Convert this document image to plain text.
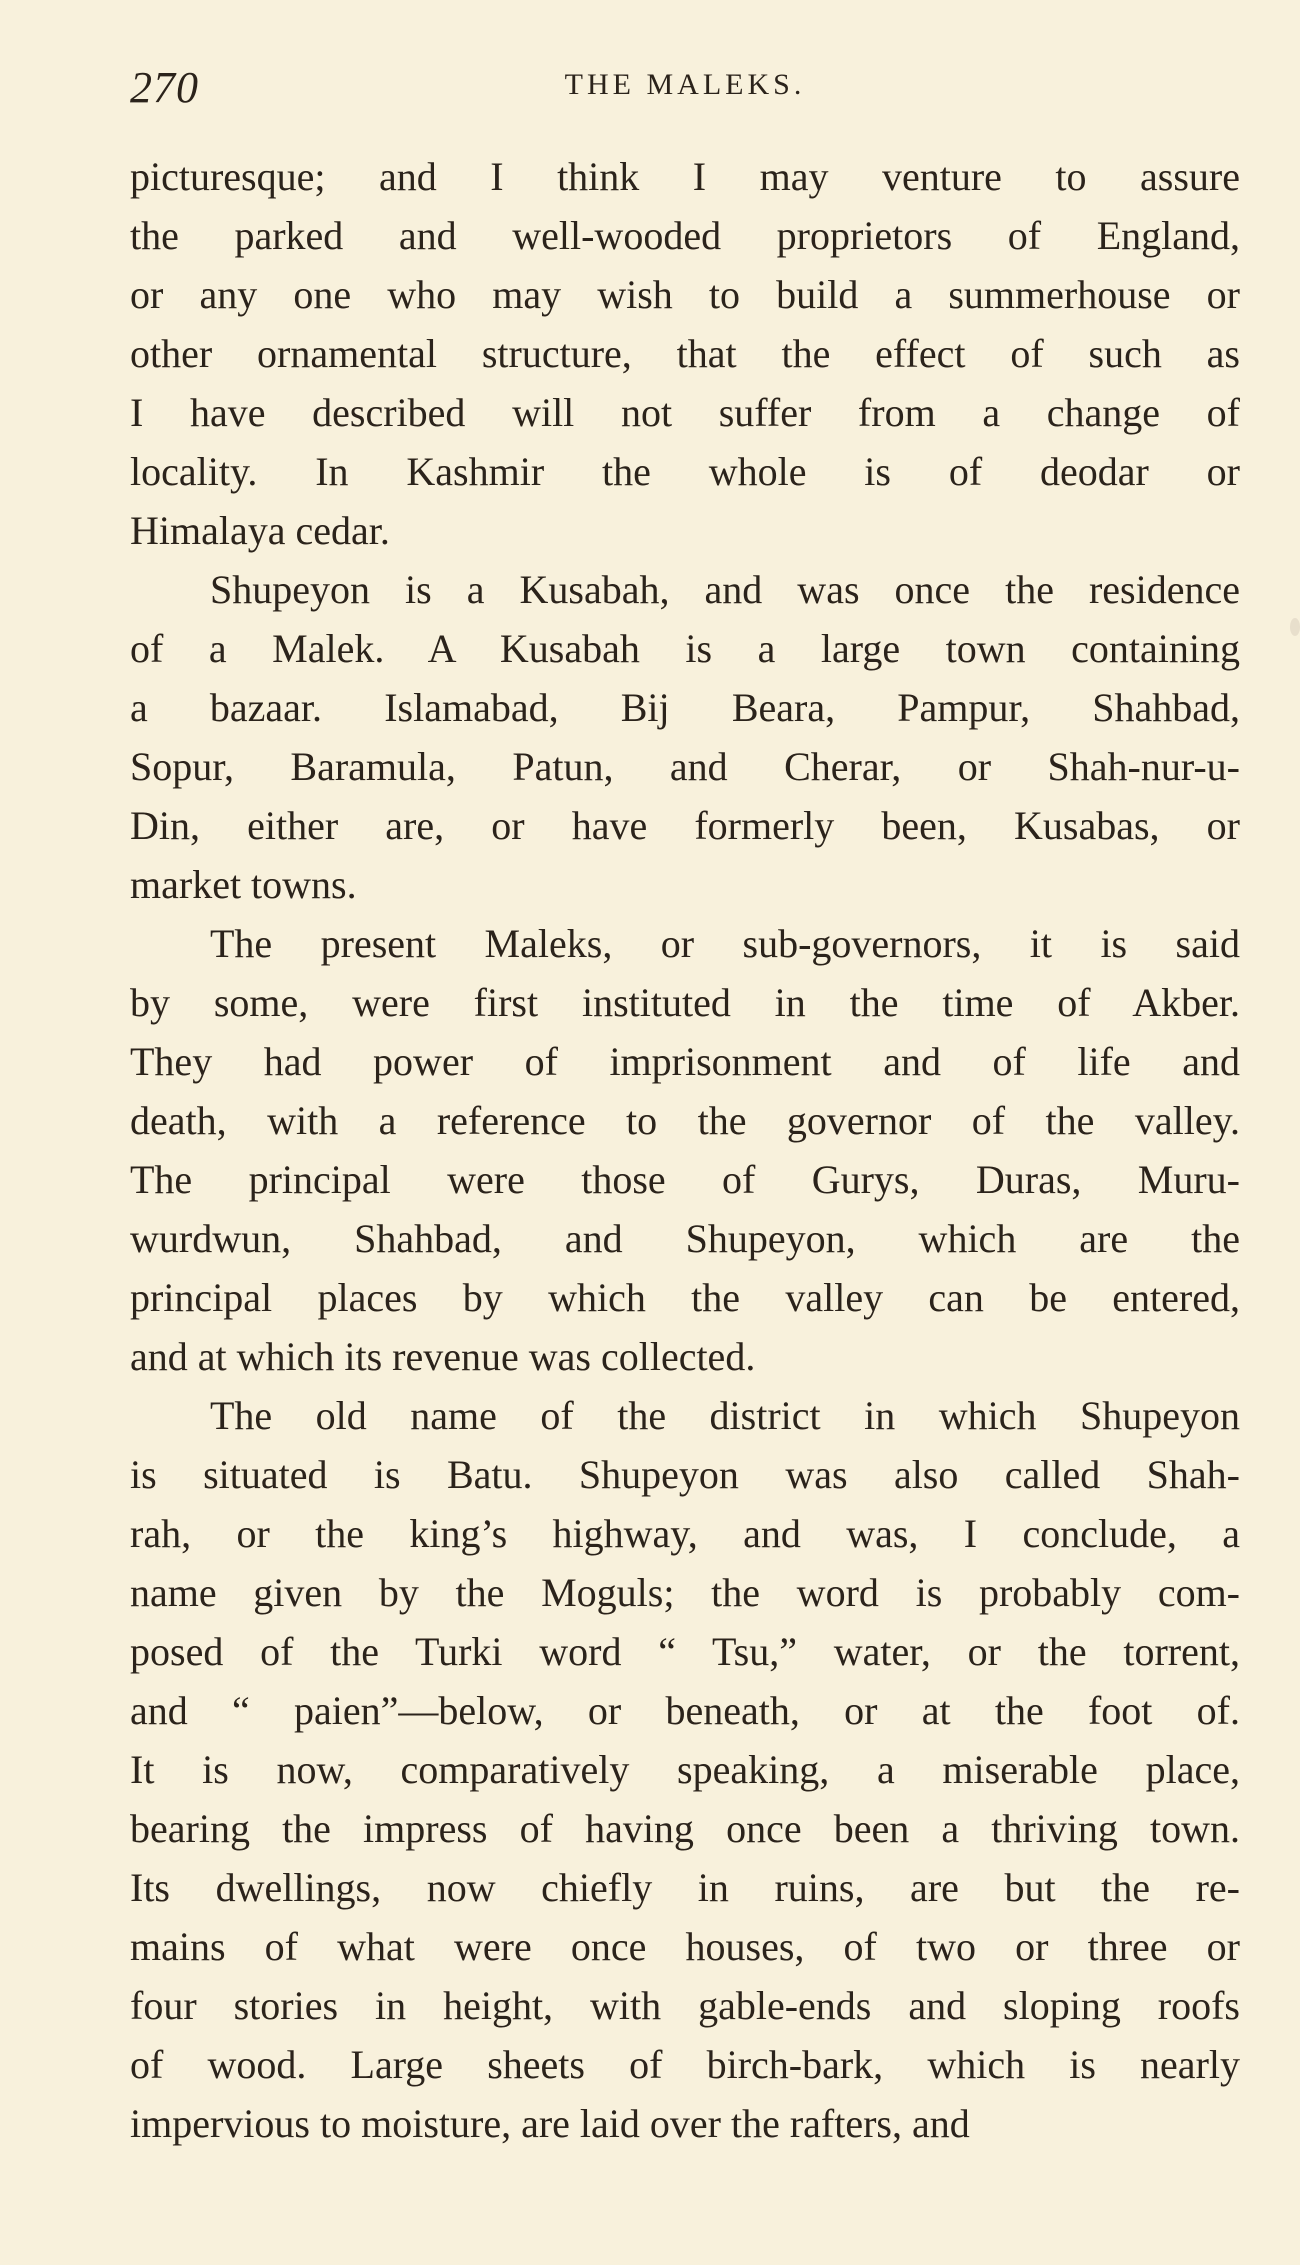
270	THE MALEKS.
picturesque; and I think I may venture to assure
the parked and well-wooded proprietors of England,
or any one who may wish to build a summerhouse or
other ornamental structure, that the effect of such as
I have described will not suffer from a change of
locality. In Kashmir the whole is of deodar or
Himalaya cedar.
Shupeyon is a Kusabah, and was once the residence
of a Malek. A Kusabah is a large town containing
a bazaar. Islamabad, Bij Beara, Pampur, Shahbad,
Sopur, Baramula, Patun, and Cherar, or Shah-nur-u-
Din, either are, or have formerly been, Kusabas, or
market towns.
The present Maleks, or sub-governors, it is said
by some, were first instituted in the time of Akber.
They had power of imprisonment and of life and
death, with a reference to the governor of the valley.
The principal were those of Gurys, Duras, Muru-
wurdwun, Shahbad, and Shupeyon, which are the
principal places by which the valley can be entered,
and at which its revenue was collected.
The old name of the district in which Shupeyon
is situated is Batu. Shupeyon was also called Shah-
rah, or the king’s highway, and was, I conclude, a
name given by the Moguls; the word is probably com-
posed of the Turki word “ Tsu,” water, or the torrent,
and “ paien”—below, or beneath, or at the foot of.
It is now, comparatively speaking, a miserable place,
bearing the impress of having once been a thriving town.
Its dwellings, now chiefly in ruins, are but the re-
mains of what were once houses, of two or three or
four stories in height, with gable-ends and sloping roofs
of wood. Large sheets of birch-bark, which is nearly
impervious to moisture, are laid over the rafters, and
